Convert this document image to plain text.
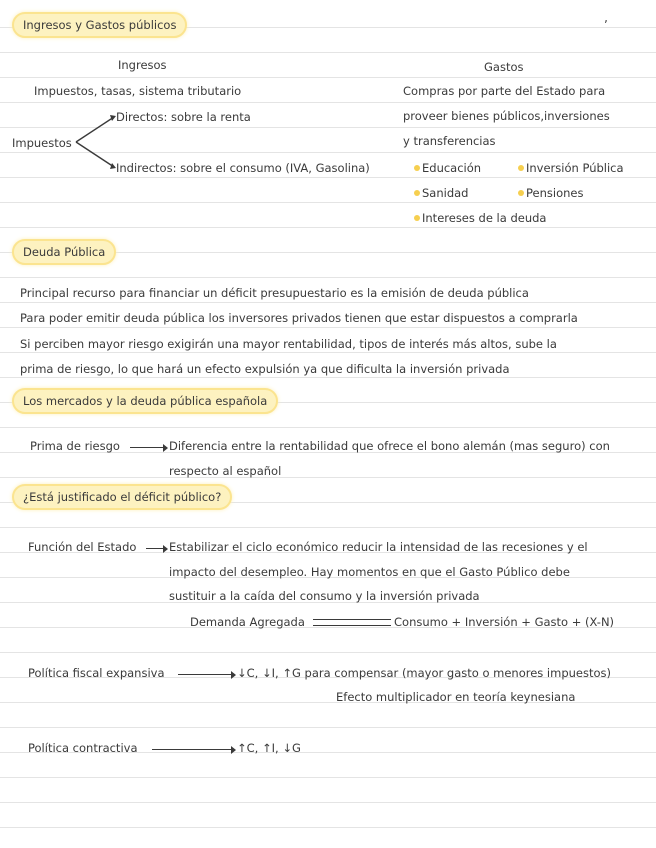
Ingresos y Gastos públicos	ʼ
Ingresos
Impuestos, tasas, sistema tributario
Impuestos
Directos: sobre la renta
Indirectos: sobre el consumo (IVA, Gasolina)
Gastos
Compras por parte del Estado para
proveer bienes públicos,inversiones
y transferencias
Educación	Inversión Pública
Sanidad	Pensiones
Intereses de la deuda
Deuda Pública
Principal recurso para financiar un déficit presupuestario es la emisión de deuda pública
Para poder emitir deuda pública los inversores privados tienen que estar dispuestos a comprarla
Si perciben mayor riesgo exigirán una mayor rentabilidad, tipos de interés más altos, sube la
prima de riesgo, lo que hará un efecto expulsión ya que dificulta la inversión privada
Los mercados y la deuda pública española
Prima de riesgo	Diferencia entre la rentabilidad que ofrece el bono alemán (mas seguro) con
respecto al español
¿Está justificado el déficit público?
Función del Estado	Estabilizar el ciclo económico reducir la intensidad de las recesiones y el
impacto del desempleo. Hay momentos en que el Gasto Público debe
sustituir a la caída del consumo y la inversión privada
Demanda Agregada	Consumo + Inversión + Gasto + (X-N)
Política fiscal expansiva	↓C, ↓I, ↑G para compensar (mayor gasto o menores impuestos)
Efecto multiplicador en teoría keynesiana
Política contractiva	↑C, ↑I, ↓G
